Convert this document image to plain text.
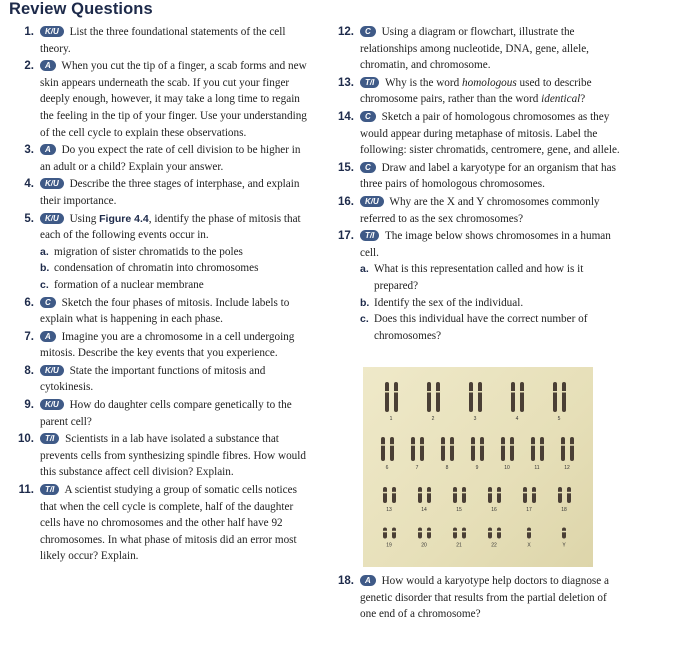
Review Questions
1. K/U List the three foundational statements of the cell theory.
2. A When you cut the tip of a finger, a scab forms and new skin appears underneath the scab. If you cut your finger deeply enough, however, it may take a long time to regain the feeling in the tip of your finger. Use your understanding of the cell cycle to explain these observations.
3. A Do you expect the rate of cell division to be higher in an adult or a child? Explain your answer.
4. K/U Describe the three stages of interphase, and explain their importance.
5. K/U Using Figure 4.4, identify the phase of mitosis that each of the following events occur in.
a. migration of sister chromatids to the poles
b. condensation of chromatin into chromosomes
c. formation of a nuclear membrane
6. C Sketch the four phases of mitosis. Include labels to explain what is happening in each phase.
7. A Imagine you are a chromosome in a cell undergoing mitosis. Describe the key events that you experience.
8. K/U State the important functions of mitosis and cytokinesis.
9. K/U How do daughter cells compare genetically to the parent cell?
10. T/I Scientists in a lab have isolated a substance that prevents cells from synthesizing spindle fibres. How would this substance affect cell division? Explain.
11. T/I A scientist studying a group of somatic cells notices that when the cell cycle is complete, half of the daughter cells have no chromosomes and the other half have 92 chromosomes. In what phase of mitosis did an error most likely occur? Explain.
12. C Using a diagram or flowchart, illustrate the relationships among nucleotide, DNA, gene, allele, chromatin, and chromosome.
13. T/I Why is the word homologous used to describe chromosome pairs, rather than the word identical?
14. C Sketch a pair of homologous chromosomes as they would appear during metaphase of mitosis. Label the following: sister chromatids, centromere, gene, and allele.
15. C Draw and label a karyotype for an organism that has three pairs of homologous chromosomes.
16. K/U Why are the X and Y chromosomes commonly referred to as the sex chromosomes?
17. T/I The image below shows chromosomes in a human cell.
a. What is this representation called and how is it prepared?
b. Identify the sex of the individual.
c. Does this individual have the correct number of chromosomes?
18. A How would a karyotype help doctors to diagnose a genetic disorder that results from the partial deletion of one end of a chromosome?
1	2	3	4	5
6	7	8	9	10	11	12
13	14	15	16	17	18
19	20	21	22	X	Y
